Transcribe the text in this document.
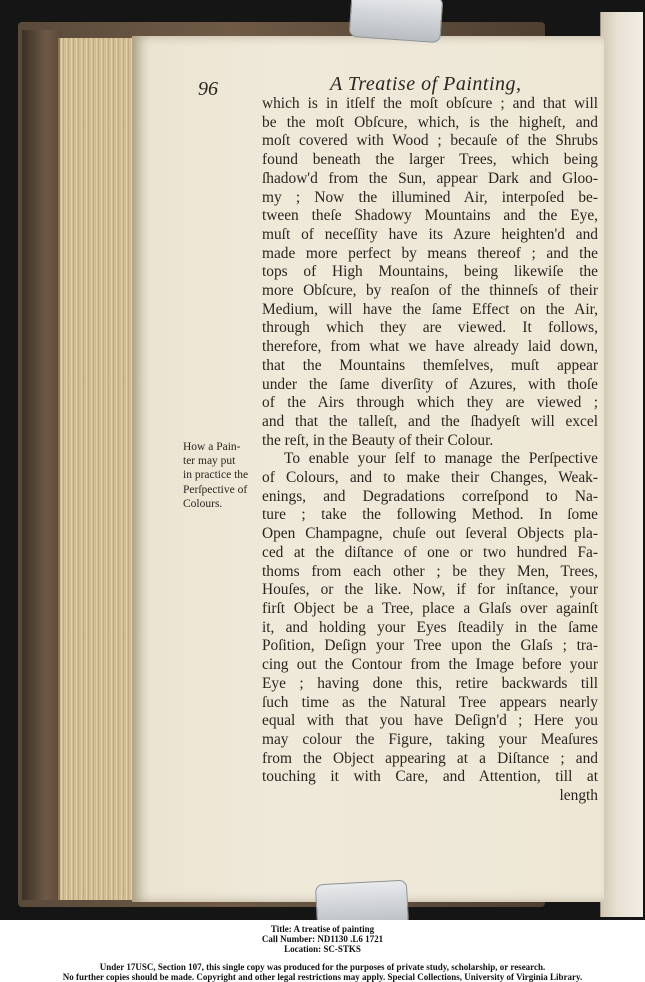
96	A Treatise of Painting,
How a Pain-
ter may put
in practice the
Perſpective of
Colours.
which is in itſelf the moſt obſcure ; and that will
be the moſt Obſcure, which, is the higheſt, and
moſt covered with Wood ; becauſe of the Shrubs
found beneath the larger Trees, which being
ſhadow'd from the Sun, appear Dark and Gloo-
my ; Now the illumined Air, interpoſed be-
tween theſe Shadowy Mountains and the Eye,
muſt of neceſſity have its Azure heighten'd and
made more perfect by means thereof ; and the
tops of High Mountains, being likewiſe the
more Obſcure, by reaſon of the thinneſs of their
Medium, will have the ſame Effect on the Air,
through which they are viewed. It follows,
therefore, from what we have already laid down,
that the Mountains themſelves, muſt appear
under the ſame diverſity of Azures, with thoſe
of the Airs through which they are viewed ;
and that the talleſt, and the ſhadyeſt will excel
the reſt, in the Beauty of their Colour.
To enable your ſelf to manage the Perſpective
of Colours, and to make their Changes, Weak-
enings, and Degradations correſpond to Na-
ture ; take the following Method. In ſome
Open Champagne, chuſe out ſeveral Objects pla-
ced at the diſtance of one or two hundred Fa-
thoms from each other ; be they Men, Trees,
Houſes, or the like. Now, if for inſtance, your
firſt Object be a Tree, place a Glaſs over againſt
it, and holding your Eyes ſteadily in the ſame
Poſition, Deſign your Tree upon the Glaſs ; tra-
cing out the Contour from the Image before your
Eye ; having done this, retire backwards till
ſuch time as the Natural Tree appears nearly
equal with that you have Deſign'd ; Here you
may colour the Figure, taking your Meaſures
from the Object appearing at a Diſtance ; and
touching it with Care, and Attention, till at
length
Title: A treatise of painting
Call Number: ND1130 .L6 1721
Location: SC-STKS
Under 17USC, Section 107, this single copy was produced for the purposes of private study, scholarship, or research.
No further copies should be made. Copyright and other legal restrictions may apply. Special Collections, University of Virginia Library.
